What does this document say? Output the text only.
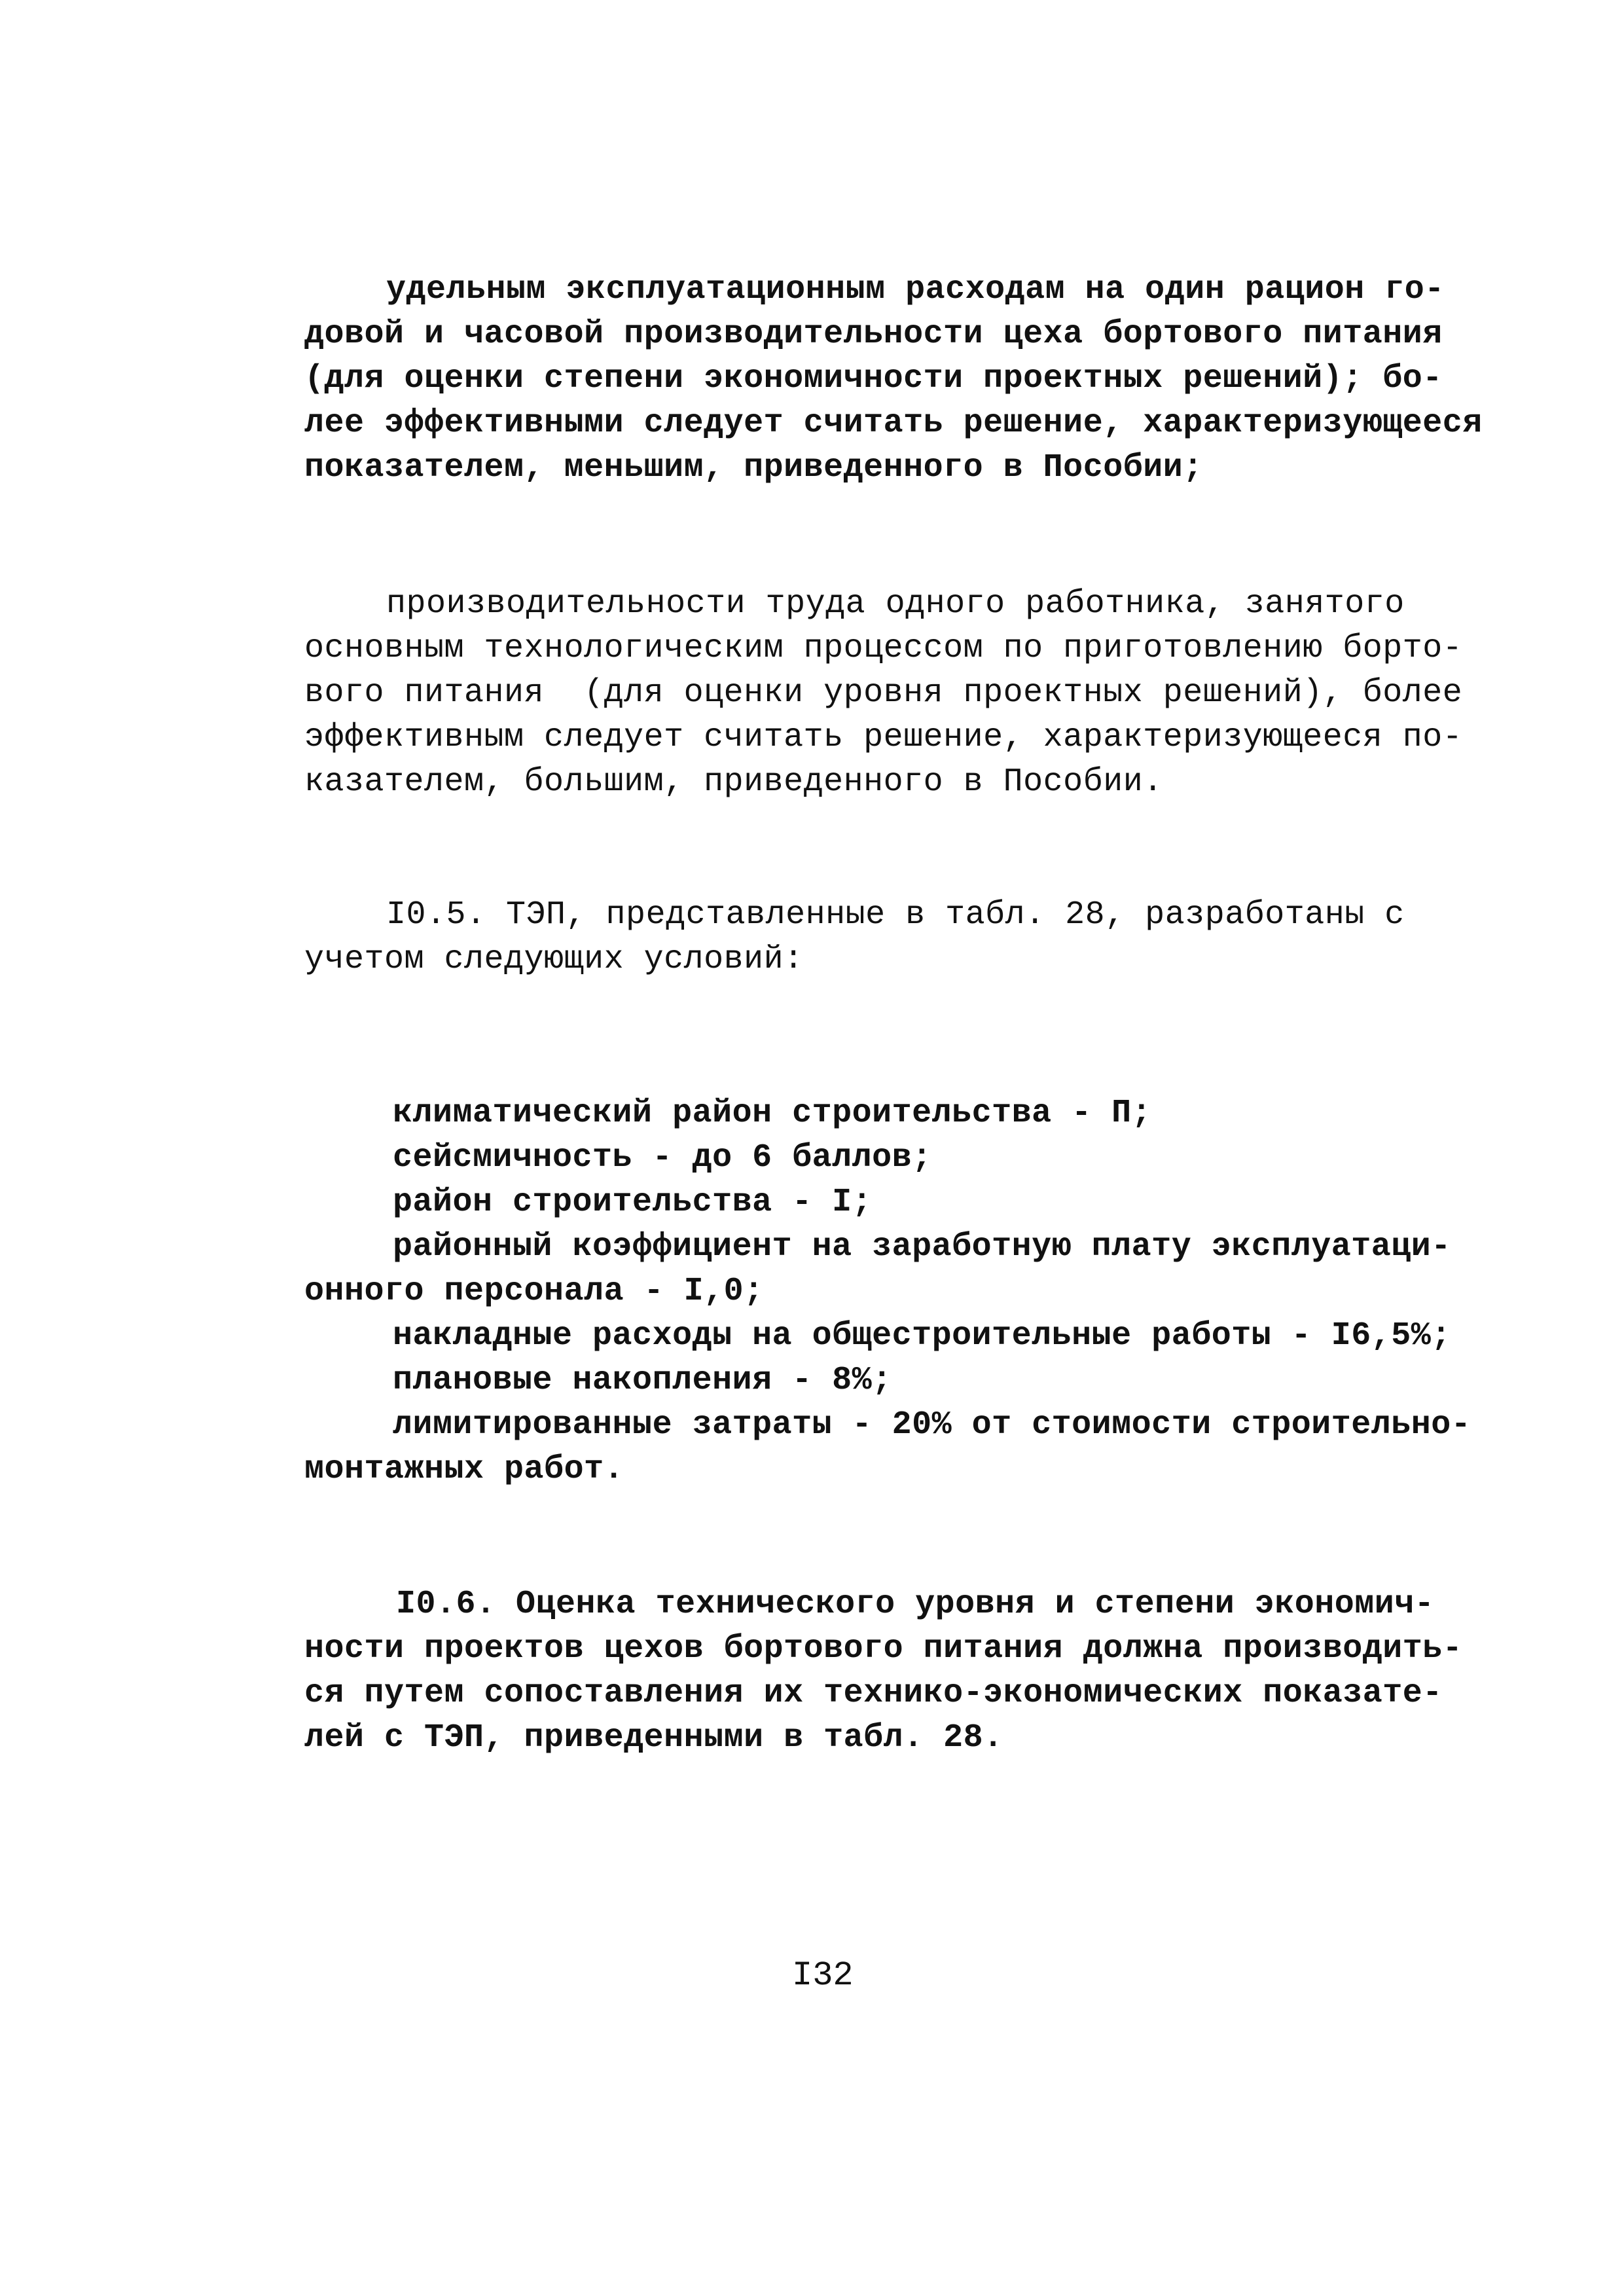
удельным эксплуатационным расходам на один рацион го-
довой и часовой производительности цеха бортового питания
(для оценки степени экономичности проектных решений); бо-
лее эффективными следует считать решение, характеризующееся
показателем, меньшим, приведенного в Пособии;
производительности труда одного работника, занятого
основным технологическим процессом по приготовлению борто-
вого питания  (для оценки уровня проектных решений), более
эффективным следует считать решение, характеризующееся по-
казателем, большим, приведенного в Пособии.
I0.5. ТЭП, представленные в табл. 28, разработаны с
учетом следующих условий:
климатический район строительства - П;
сейсмичность - до 6 баллов;
район строительства - I;
районный коэффициент на заработную плату эксплуатаци-
онного персонала - I,0;
накладные расходы на общестроительные работы - I6,5%;
плановые накопления - 8%;
лимитированные затраты - 20% от стоимости строительно-
монтажных работ.
I0.6. Оценка технического уровня и степени экономич-
ности проектов цехов бортового питания должна производить-
ся путем сопоставления их технико-экономических показате-
лей с ТЭП, приведенными в табл. 28.
I32
